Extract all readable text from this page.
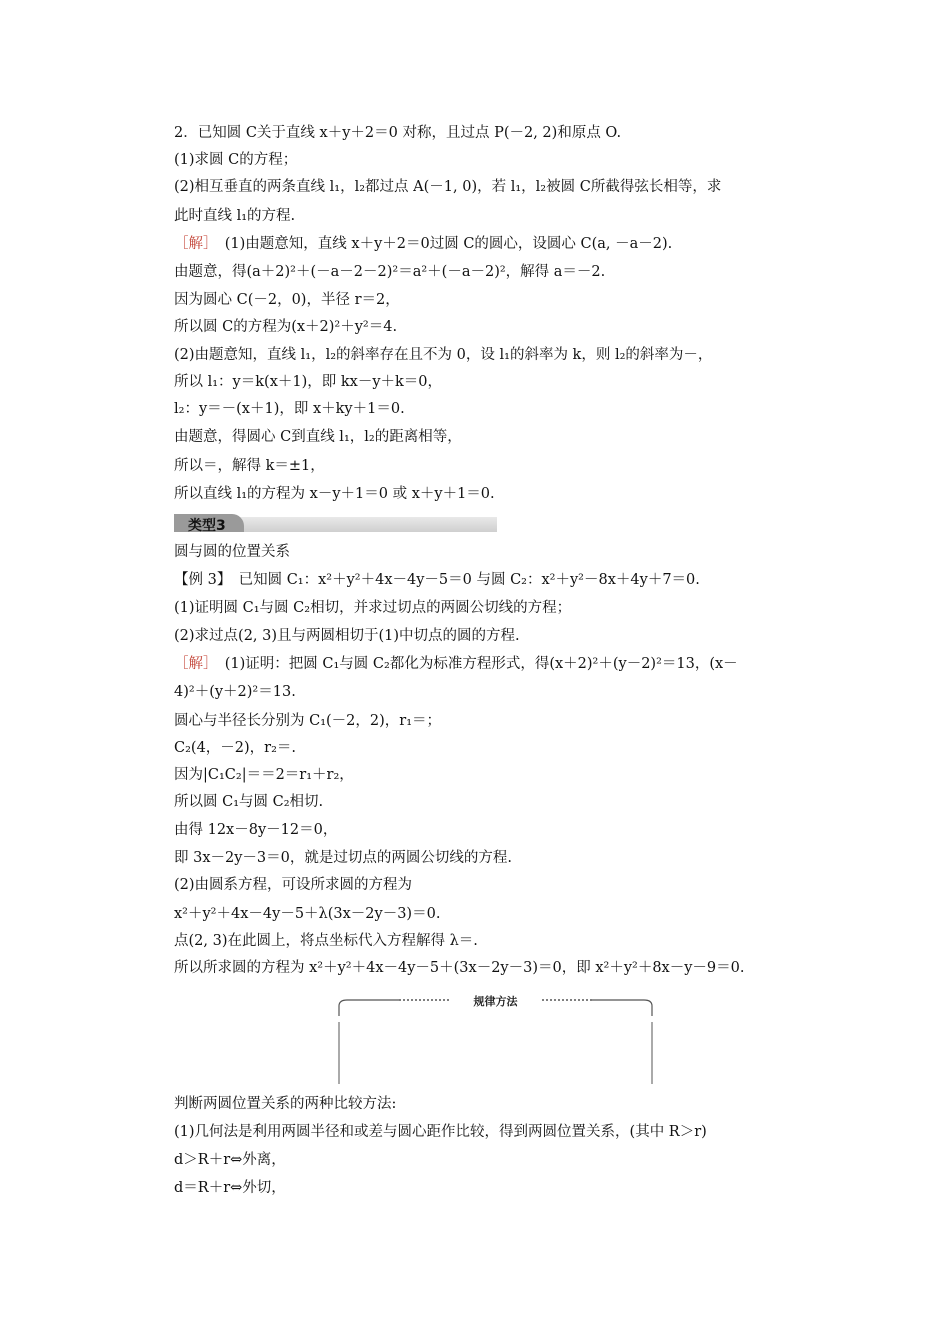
2．已知圆 C关于直线 x＋y＋2＝0 对称，且过点 P(－2, 2)和原点 O.
(1)求圆 C的方程；
(2)相互垂直的两条直线 l₁，l₂都过点 A(－1, 0)，若 l₁，l₂被圆 C所截得弦长相等，求
此时直线 l₁的方程.
［解］　 (1)由题意知，直线 x＋y＋2＝0过圆 C的圆心，设圆心 C(a, －a－2).
由题意，得(a＋2)²＋(－a－2－2)²＝a²＋(－a－2)²，解得 a＝－2.
因为圆心 C(－2，0)，半径 r＝2，
所以圆 C的方程为(x＋2)²＋y²＝4.
(2)由题意知，直线 l₁，l₂的斜率存在且不为 0，设 l₁的斜率为 k，则 l₂的斜率为－，
所以 l₁：y＝k(x＋1)，即 kx－y＋k＝0，
l₂：y＝－(x＋1)，即 x＋ky＋1＝0.
由题意，得圆心 C到直线 l₁，l₂的距离相等，
所以＝，解得 k＝±1，
所以直线 l₁的方程为 x－y＋1＝0 或 x＋y＋1＝0.
类型3
圆与圆的位置关系
【例 3】　 已知圆 C₁：x²＋y²＋4x－4y－5＝0 与圆 C₂：x²＋y²－8x＋4y＋7＝0.
(1)证明圆 C₁与圆 C₂相切，并求过切点的两圆公切线的方程；
(2)求过点(2, 3)且与两圆相切于(1)中切点的圆的方程.
［解］　 (1)证明：把圆 C₁与圆 C₂都化为标准方程形式，得(x＋2)²＋(y－2)²＝13，(x－
4)²＋(y＋2)²＝13.
圆心与半径长分别为 C₁(－2，2)，r₁＝；
C₂(4，－2)，r₂＝.
因为|C₁C₂|＝＝2＝r₁＋r₂，
所以圆 C₁与圆 C₂相切.
由得 12x－8y－12＝0，
即 3x－2y－3＝0，就是过切点的两圆公切线的方程.
(2)由圆系方程，可设所求圆的方程为
x²＋y²＋4x－4y－5＋λ(3x－2y－3)＝0.
点(2, 3)在此圆上，将点坐标代入方程解得 λ＝.
所以所求圆的方程为 x²＋y²＋4x－4y－5＋(3x－2y－3)＝0，即 x²＋y²＋8x－y－9＝0.
规律方法
判断两圆位置关系的两种比较方法:
(1)几何法是利用两圆半径和或差与圆心距作比较，得到两圆位置关系，(其中 R＞r)
d＞R＋r⇔外离，
d＝R＋r⇔外切，
